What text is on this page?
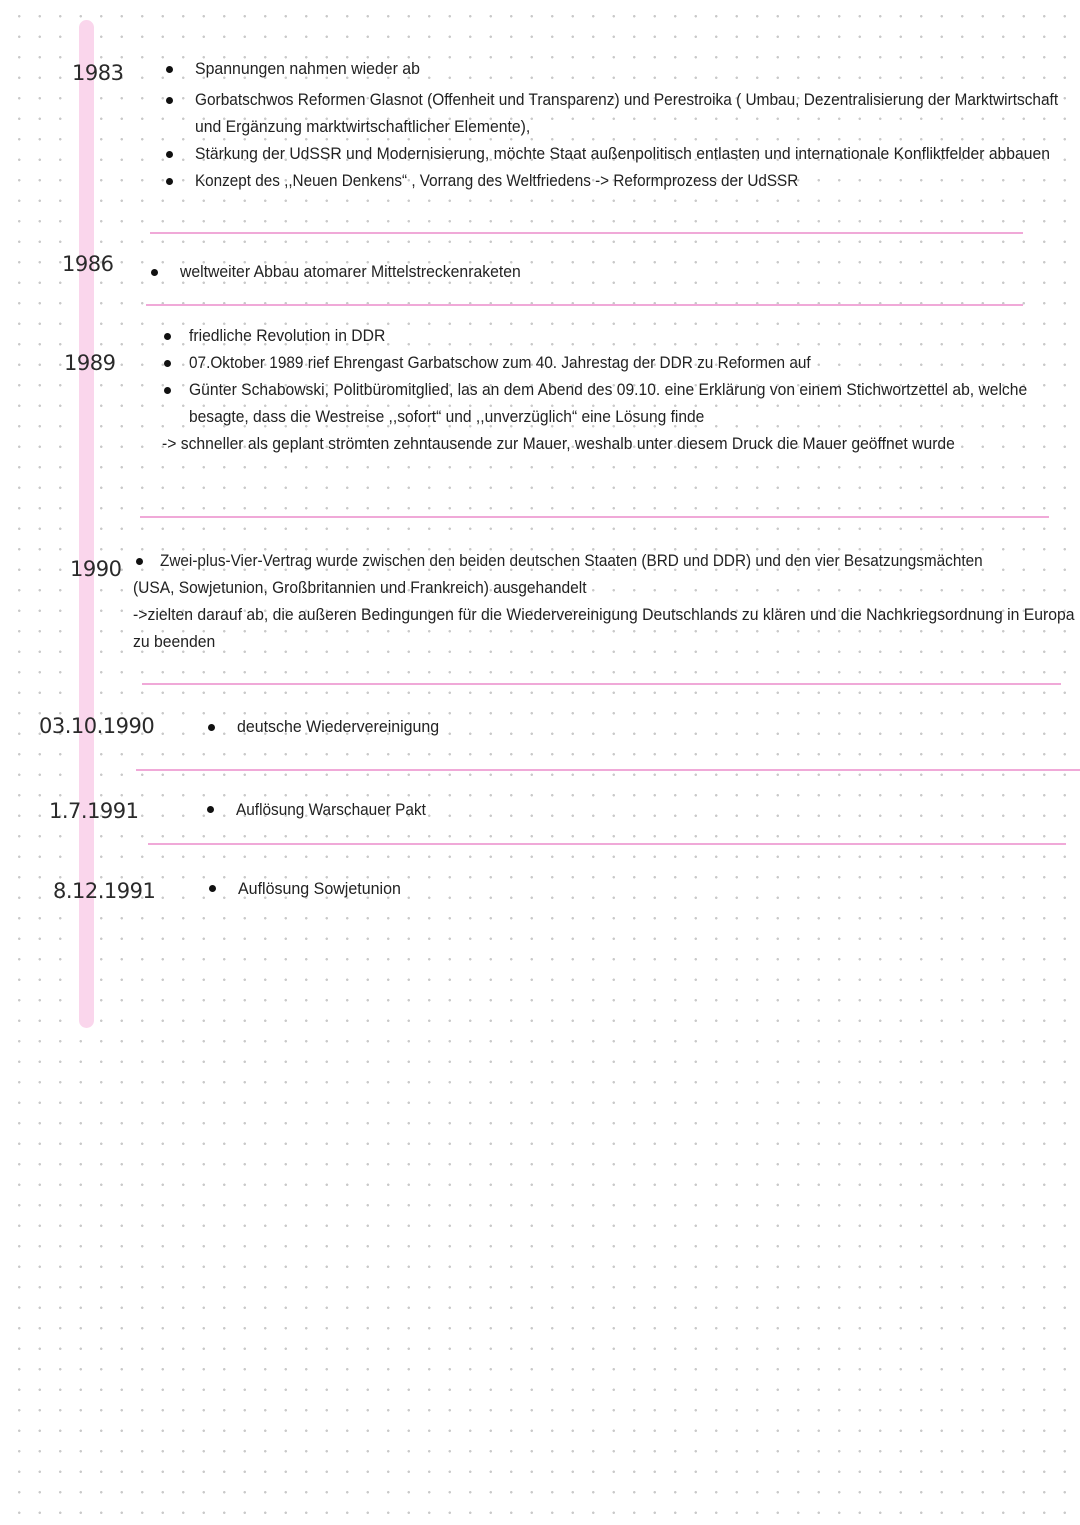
1983	Spannungen nahmen wieder ab
Gorbatschwos Reformen Glasnot (Offenheit und Transparenz) und Perestroika ( Umbau, Dezentralisierung der Marktwirtschaft
und Ergänzung marktwirtschaftlicher Elemente),
Stärkung der UdSSR und Modernisierung, möchte Staat außenpolitisch entlasten und internationale Konfliktfelder abbauen
Konzept des ,,Neuen Denkens“ , Vorrang des Weltfriedens -> Reformprozess der UdSSR
1986	weltweiter Abbau atomarer Mittelstreckenraketen
1989
friedliche Revolution in DDR
07.Oktober 1989 rief Ehrengast Garbatschow zum 40. Jahrestag der DDR zu Reformen auf
Günter Schabowski, Politbüromitglied, las an dem Abend des 09.10. eine Erklärung von einem Stichwortzettel ab, welche
besagte, dass die Westreise ,,sofort“ und ,,unverzüglich“ eine Lösung finde
-> schneller als geplant strömten zehntausende zur Mauer, weshalb unter diesem Druck die Mauer geöffnet wurde
1990 Zwei-plus-Vier-Vertrag wurde zwischen den beiden deutschen Staaten (BRD und DDR) und den vier Besatzungsmächten
(USA, Sowjetunion, Großbritannien und Frankreich) ausgehandelt
->zielten darauf ab, die außeren Bedingungen für die Wiedervereinigung Deutschlands zu klären und die Nachkriegsordnung in Europa
zu beenden
03.10.1990	deutsche Wiedervereinigung
1.7.1991	Auflösung Warschauer Pakt
8.12.1991	Auflösung Sowjetunion
